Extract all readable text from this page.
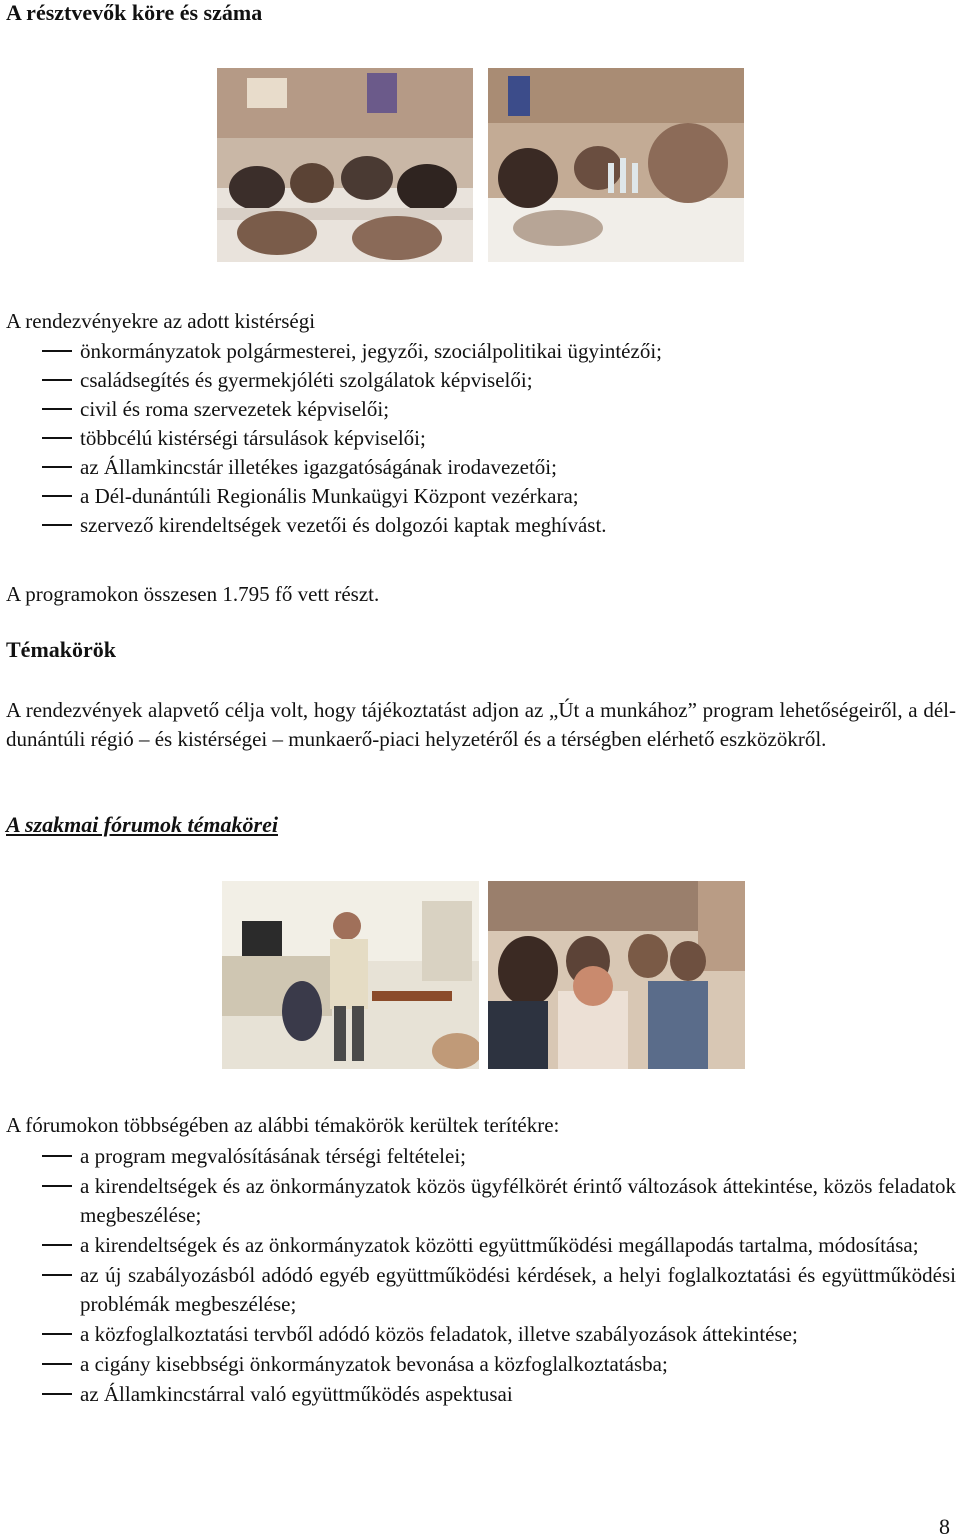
A résztvevők köre és száma
A rendezvényekre az adott kistérségi
önkormányzatok polgármesterei, jegyzői, szociálpolitikai ügyintézői;
családsegítés és gyermekjóléti szolgálatok képviselői;
civil és roma szervezetek képviselői;
többcélú kistérségi társulások képviselői;
az Államkincstár illetékes igazgatóságának irodavezetői;
a Dél-dunántúli Regionális Munkaügyi Központ vezérkara;
szervező kirendeltségek vezetői és dolgozói kaptak meghívást.
A programokon összesen 1.795 fő vett részt.
Témakörök
A rendezvények alapvető célja volt, hogy tájékoztatást adjon az „Út a munkához” program lehetőségeiről, a dél-dunántúli régió – és kistérségei – munkaerő-piaci helyzetéről és a térségben elérhető eszközökről.
A szakmai fórumok témakörei
A fórumokon többségében az alábbi témakörök kerültek terítékre:
a program megvalósításának térségi feltételei;
a kirendeltségek és az önkormányzatok közös ügyfélkörét érintő változások áttekintése, közös feladatok megbeszélése;
a kirendeltségek és az önkormányzatok közötti együttműködési megállapodás tartalma, módosítása;
az új szabályozásból adódó egyéb együttműködési kérdések, a helyi foglalkoztatási és együttműködési problémák megbeszélése;
a közfoglalkoztatási tervből adódó közös feladatok, illetve szabályozások áttekintése;
a cigány kisebbségi önkormányzatok bevonása a közfoglalkoztatásba;
az Államkincstárral való együttműködés aspektusai
8
